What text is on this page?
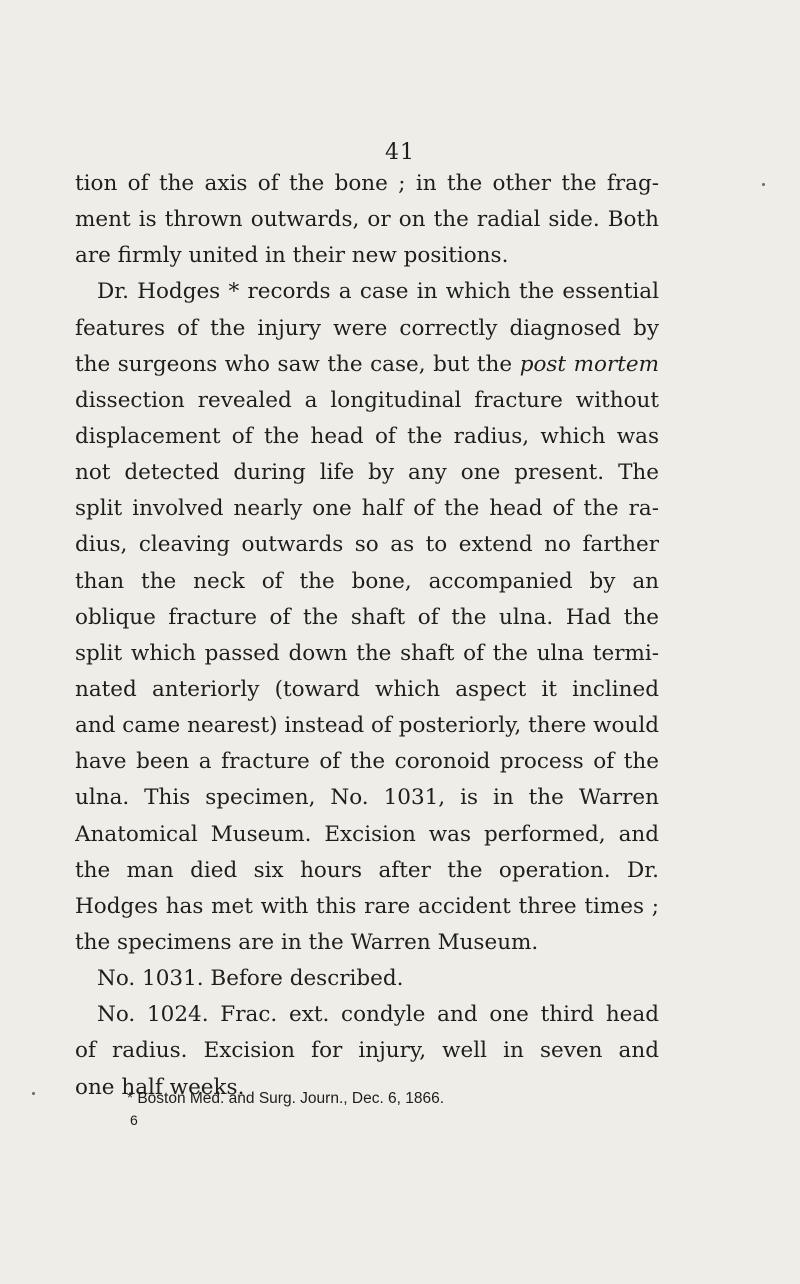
41
tion of the axis of the bone ; in the other the frag-
ment is thrown outwards, or on the radial side. Both
are firmly united in their new positions.
Dr. Hodges * records a case in which the essential
features of the injury were correctly diagnosed by
the surgeons who saw the case, but the post mortem
dissection revealed a longitudinal fracture without
displacement of the head of the radius, which was
not detected during life by any one present. The
split involved nearly one half of the head of the ra-
dius, cleaving outwards so as to extend no farther
than the neck of the bone, accompanied by an
oblique fracture of the shaft of the ulna. Had the
split which passed down the shaft of the ulna termi-
nated anteriorly (toward which aspect it inclined
and came nearest) instead of posteriorly, there would
have been a fracture of the coronoid process of the
ulna. This specimen, No. 1031, is in the Warren
Anatomical Museum. Excision was performed, and
the man died six hours after the operation. Dr.
Hodges has met with this rare accident three times ;
the specimens are in the Warren Museum.
No. 1031. Before described.
No. 1024. Frac. ext. condyle and one third head
of radius. Excision for injury, well in seven and
one half weeks.
* Boston Med. and Surg. Journ., Dec. 6, 1866.
6
